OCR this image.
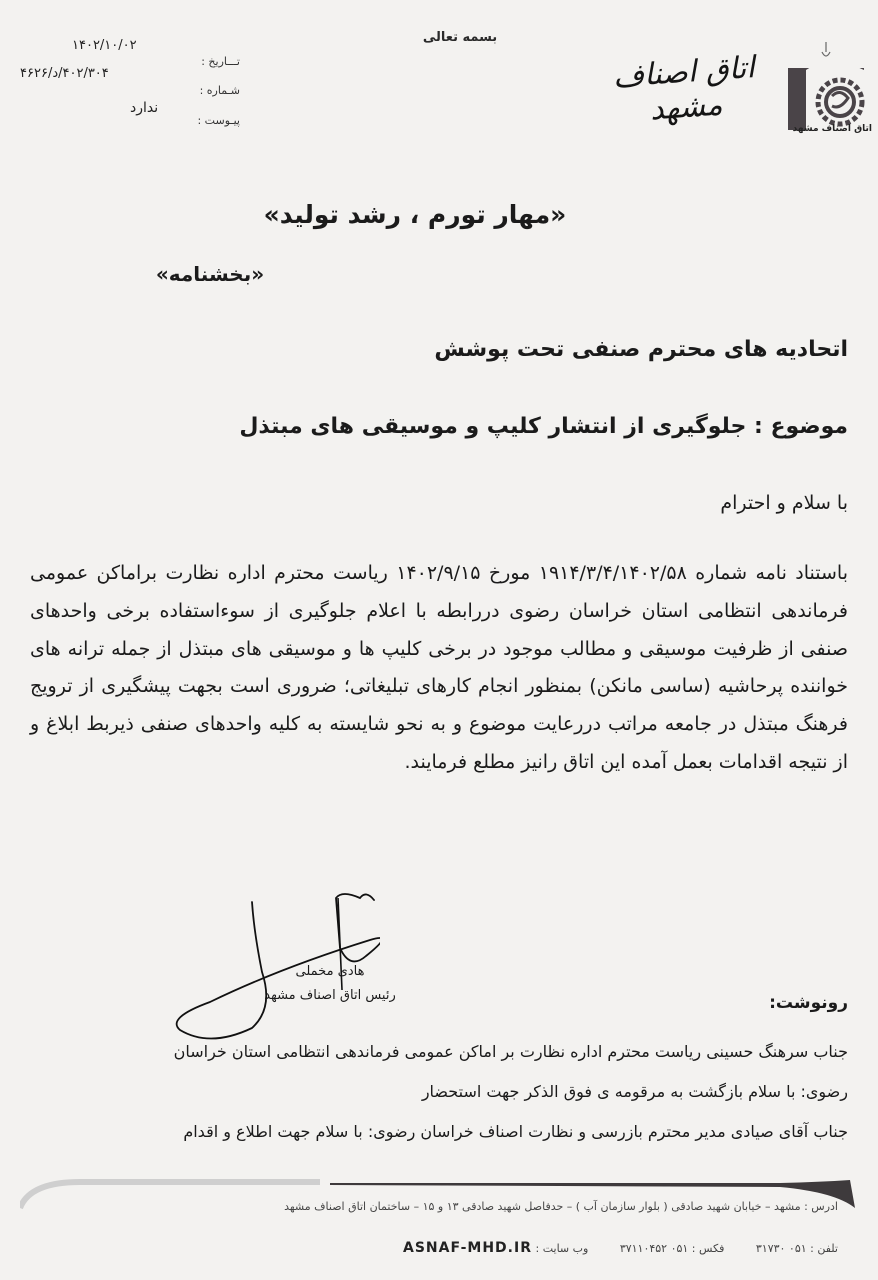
بسمه تعالی
تـــاریخ :
۱۴۰۲/۱۰/۰۲
شـماره :
۴۰۲/۳۰۴/د/۴۶۲۶
پیـوست :
ندارد
اتاق اصناف مشهد
اتاق اصناف مشهد
«مهار تورم ، رشد تولید»
«بخشنامه»
اتحادیه های محترم صنفی تحت پوشش
موضوع : جلوگیری از انتشار کلیپ و موسیقی های مبتذل
با سلام و احترام

باستناد نامه شماره ۱۹۱۴/۳/۴/۱۴۰۲/۵۸ مورخ ۱۴۰۲/۹/۱۵ ریاست محترم اداره نظارت براماکن عمومی فرماندهی انتظامی استان خراسان رضوی دررابطه با اعلام جلوگیری از سوءاستفاده برخی واحدهای صنفی از ظرفیت موسیقی و مطالب موجود در برخی کلیپ ها و موسیقی های مبتذل از جمله ترانه های خواننده پرحاشیه (ساسی مانکن) بمنظور انجام کارهای تبلیغاتی؛ ضروری است بجهت پیشگیری از ترویج فرهنگ مبتذل در جامعه مراتب دررعایت موضوع و به نحو شایسته به کلیه واحدهای صنفی ذیربط ابلاغ و از نتیجه اقدامات بعمل آمده این اتاق رانیز مطلع فرمایند.

هادی مخملی
رئیس اتاق اصناف مشهد	رونوشت:
جناب سرهنگ حسینی ریاست محترم اداره نظارت بر اماکن عمومی فرماندهی انتظامی استان خراسان
رضوی: با سلام بازگشت به مرقومه ی فوق الذکر جهت استحضار
جناب آقای صیادی مدیر محترم بازرسی و نظارت اصناف خراسان رضوی: با سلام جهت اطلاع و اقدام
ادرس : مشهد – خیابان شهید صادقی ( بلوار سازمان آب ) – حدفاصل شهید صادقی ۱۳ و ۱۵ – ساختمان اتاق اصناف مشهد
تلفن : ۰۵۱ ۳۱۷۳۰ فکس : ۰۵۱ ۳۷۱۱۰۴۵۲ وب سایت : ASNAF-MHD.IR
